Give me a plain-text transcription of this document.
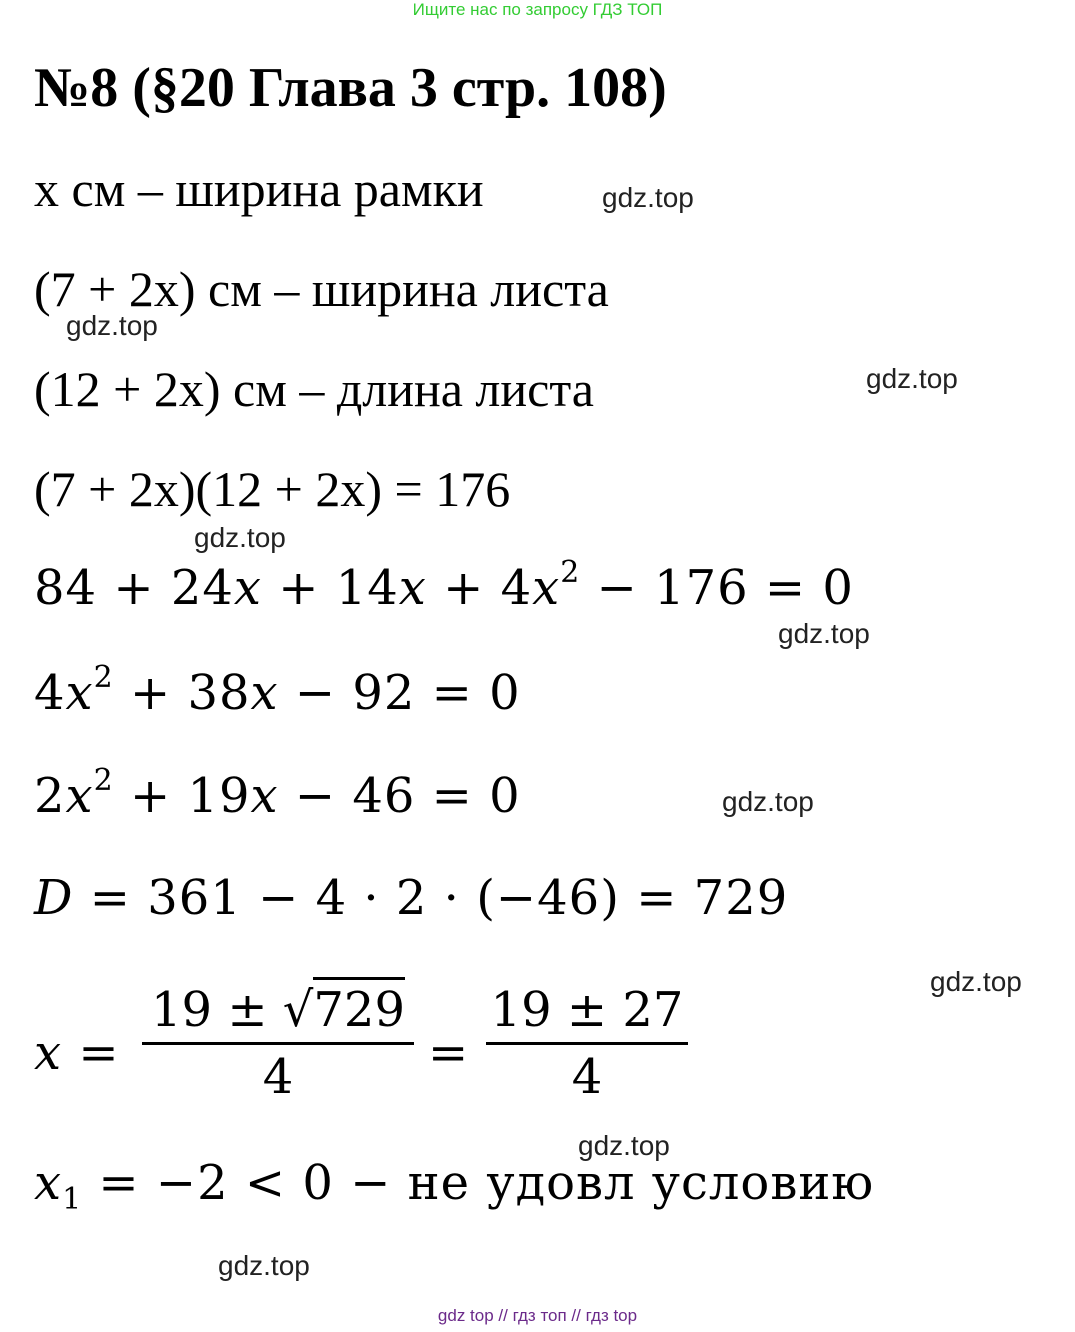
Ищите нас по запросу ГДЗ ТОП
№8 (§20 Глава 3 стр. 108)
x см – ширина рамки
(7 + 2x) см – ширина листа
(12 + 2x) см – длина листа
(7 + 2x)(12 + 2x) = 176
$84 + 24x + 14x + 4x^2 - 176 = 0$
$4x^2 + 38x - 92 = 0$
$2x^2 + 19x - 46 = 0$
D = 361 − 4 · 2 · (−46) = 729
x =
19 ± √729
4	=
19 ± 27
4
$x_1 = -2 < 0$ − не удовл условию
gdz.top
gdz.top
gdz.top
gdz.top
gdz.top
gdz.top
gdz.top
gdz.top
gdz.top
gdz top // гдз топ // гдз top
